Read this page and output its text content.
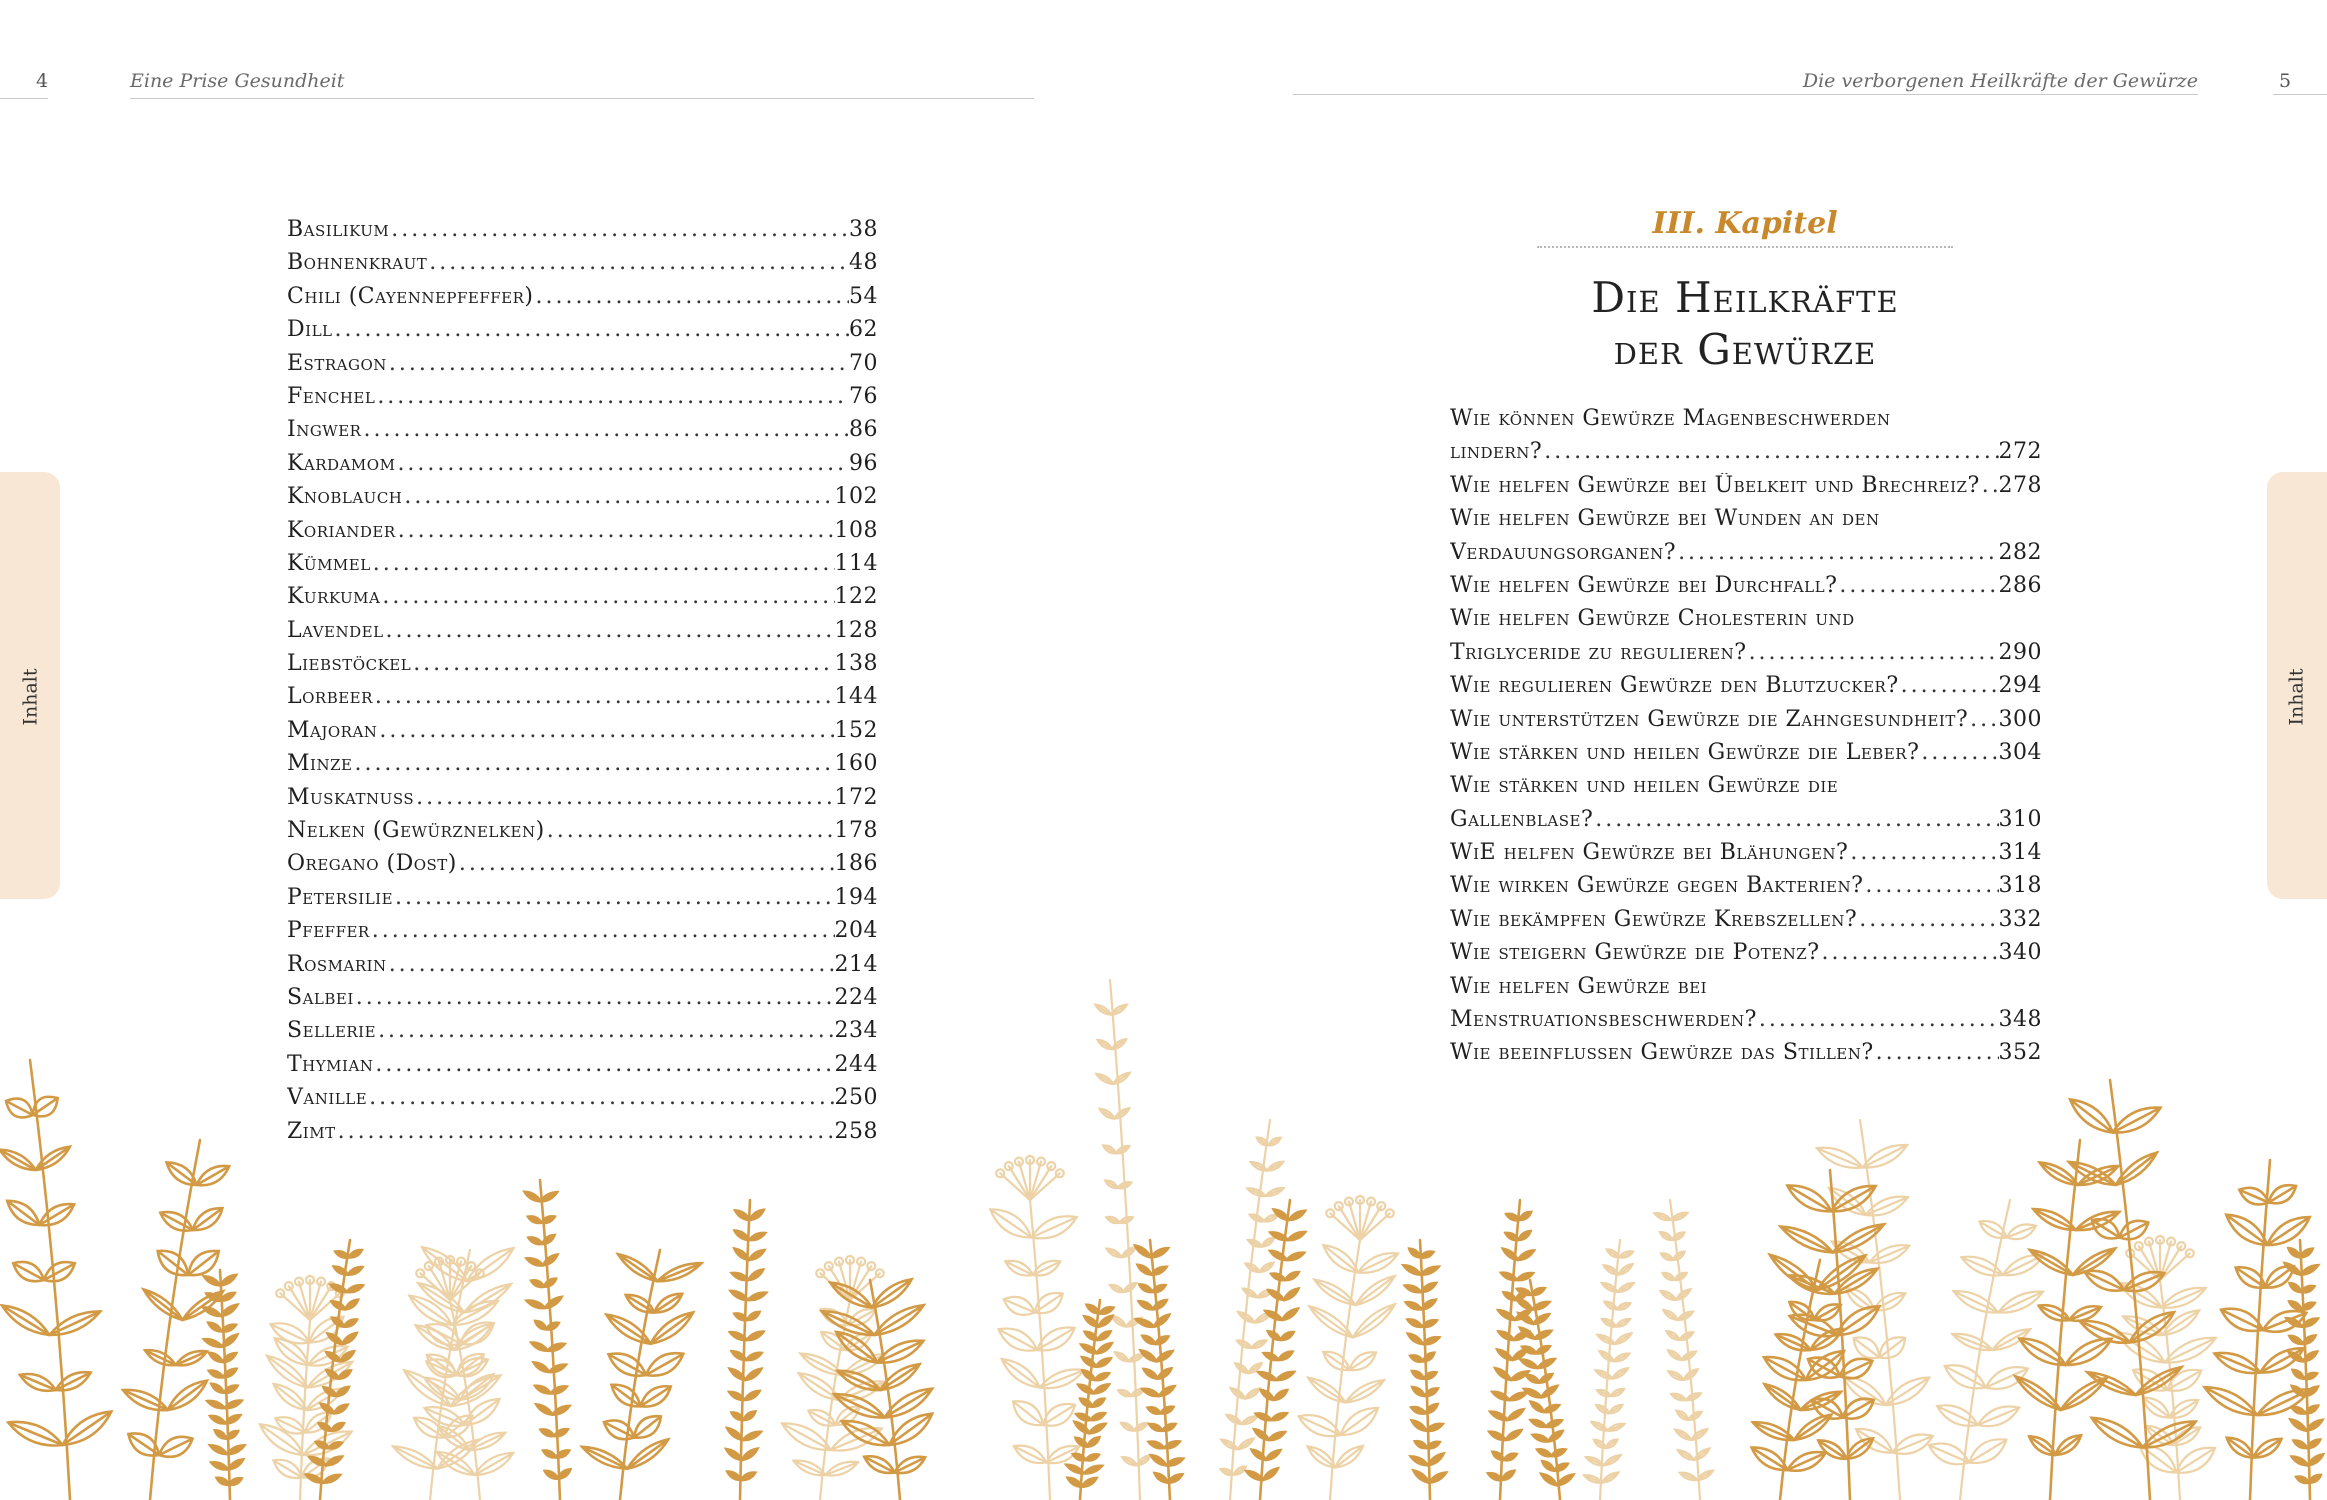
4	Eine Prise Gesundheit	Die verborgenen Heilkräfte der Gewürze	5
Inhalt	Inhalt
Basilikum .....	38
Bohnenkraut .....	48
Chili (Cayennepfeffer) .....	54
Dill .....	62
Estragon .....	70
Fenchel .....	76
Ingwer .....	86
Kardamom .....	96
Knoblauch .....	102
Koriander .....	108
Kümmel .....	114
Kurkuma .....	122
Lavendel .....	128
Liebstöckel .....	138
Lorbeer .....	144
Majoran .....	152
Minze .....	160
Muskatnuss .....	172
Nelken (Gewürznelken) .....	178
Oregano (Dost) .....	186
Petersilie .....	194
Pfeffer .....	204
Rosmarin .....	214
Salbei .....	224
Sellerie .....	234
Thymian .....	244
Vanille .....	250
Zimt .....	258
III. Kapitel
Die Heilkräfte
der Gewürze
Wie können Gewürze Magenbeschwerden
lindern? .....	272
Wie helfen Gewürze bei Übelkeit und Brechreiz? ..... 278
Wie helfen Gewürze bei Wunden an den
Verdauungsorganen? .....	282
Wie helfen Gewürze bei Durchfall? .....	286
Wie helfen Gewürze Cholesterin und
Triglyceride zu regulieren? .....	290
Wie regulieren Gewürze den Blutzucker? .....	294
Wie unterstützen Gewürze die Zahngesundheit? ..... 300
Wie stärken und heilen Gewürze die Leber? .....	304
Wie stärken und heilen Gewürze die
Gallenblase? .....	310
WiE helfen Gewürze bei Blähungen? .....	314
Wie wirken Gewürze gegen Bakterien? .....	318
Wie bekämpfen Gewürze Krebszellen? .....	332
Wie steigern Gewürze die Potenz? .....	340
Wie helfen Gewürze bei
Menstruationsbeschwerden? .....	348
Wie beeinflussen Gewürze das Stillen? .....	352
